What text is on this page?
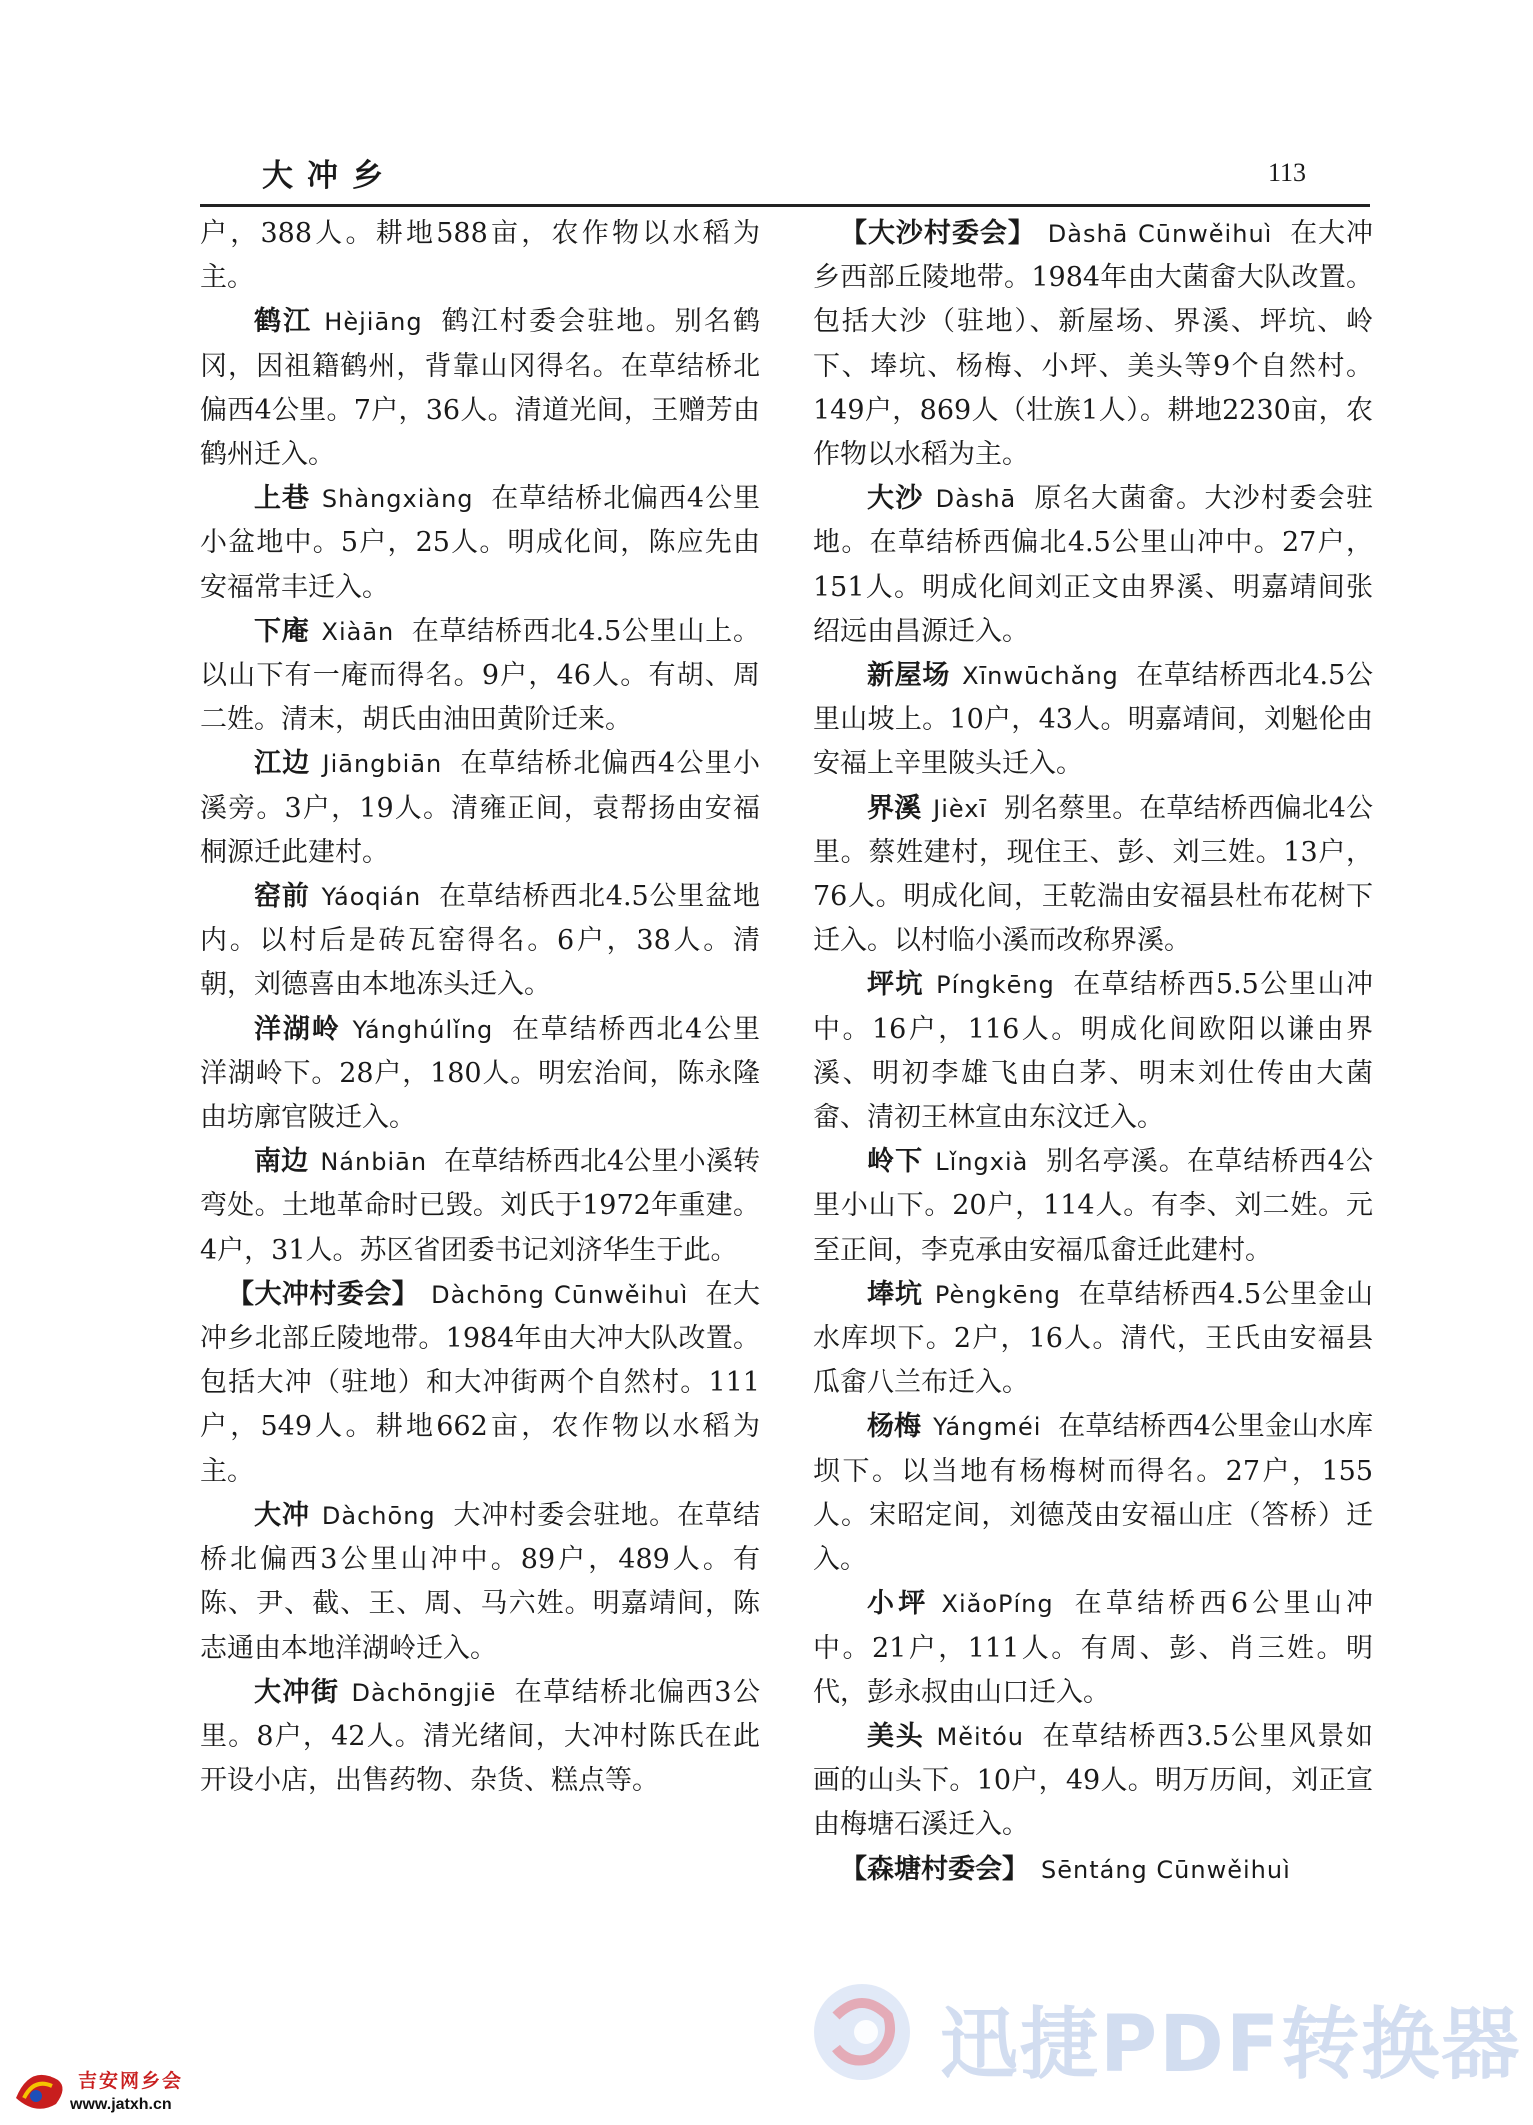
大冲乡	113

户，388人。耕地588亩，农作物以水稻为主。

鹤江 Hèjiāng 鹤江村委会驻地。别名鹤冈，因祖籍鹤州，背靠山冈得名。在草结桥北偏西4公里。7户，36人。清道光间，王赠芳由鹤州迁入。

上巷 Shàngxiàng 在草结桥北偏西4公里小盆地中。5户，25人。明成化间，陈应先由安福常丰迁入。

下庵 Xiàān 在草结桥西北4.5公里山上。以山下有一庵而得名。9户，46人。有胡、周二姓。清末，胡氏由油田黄阶迁来。

江边 Jiāngbiān 在草结桥北偏西4公里小溪旁。3户，19人。清雍正间，袁帮扬由安福桐源迁此建村。

窑前 Yáoqián 在草结桥西北4.5公里盆地内。以村后是砖瓦窑得名。6户，38人。清朝，刘德喜由本地冻头迁入。

洋湖岭 Yánghúlǐng 在草结桥西北4公里洋湖岭下。28户，180人。明宏治间，陈永隆由坊廓官陂迁入。

南边 Nánbiān 在草结桥西北4公里小溪转弯处。土地革命时已毁。刘氏于1972年重建。4户，31人。苏区省团委书记刘济华生于此。

【大冲村委会】 Dàchōng Cūnwěihuì 在大冲乡北部丘陵地带。1984年由大冲大队改置。包括大冲（驻地）和大冲街两个自然村。111户，549人。耕地662亩，农作物以水稻为主。

大冲 Dàchōng 大冲村委会驻地。在草结桥北偏西3公里山冲中。89户，489人。有陈、尹、截、王、周、马六姓。明嘉靖间，陈志通由本地洋湖岭迁入。

大冲街 Dàchōngjiē 在草结桥北偏西3公里。8户，42人。清光绪间，大冲村陈氏在此开设小店，出售药物、杂货、糕点等。

【大沙村委会】 Dàshā Cūnwěihuì 在大冲乡西部丘陵地带。1984年由大菌畲大队改置。包括大沙（驻地）、新屋场、界溪、坪坑、岭下、埲坑、杨梅、小坪、美头等9个自然村。149户，869人（壮族1人）。耕地2230亩，农作物以水稻为主。

大沙 Dàshā 原名大菌畲。大沙村委会驻地。在草结桥西偏北4.5公里山冲中。27户，151人。明成化间刘正文由界溪、明嘉靖间张绍远由昌源迁入。

新屋场 Xīnwūchǎng 在草结桥西北4.5公里山坡上。10户，43人。明嘉靖间，刘魁伦由安福上辛里陂头迁入。

界溪 Jièxī 别名蔡里。在草结桥西偏北4公里。蔡姓建村，现住王、彭、刘三姓。13户，76人。明成化间，王乾湍由安福县杜布花树下迁入。以村临小溪而改称界溪。

坪坑 Píngkēng 在草结桥西5.5公里山冲中。16户，116人。明成化间欧阳以谦由界溪、明初李雄飞由白茅、明末刘仕传由大菌畲、清初王林宣由东汶迁入。

岭下 Lǐngxià 别名亭溪。在草结桥西4公里小山下。20户，114人。有李、刘二姓。元至正间，李克承由安福瓜畲迁此建村。

埲坑 Pèngkēng 在草结桥西4.5公里金山水库坝下。2户，16人。清代，王氏由安福县瓜畲八兰布迁入。

杨梅 Yángméi 在草结桥西4公里金山水库坝下。以当地有杨梅树而得名。27户，155人。宋昭定间，刘德茂由安福山庄（答桥）迁入。

小坪 XiǎoPíng 在草结桥西6公里山冲中。21户，111人。有周、彭、肖三姓。明代，彭永叔由山口迁入。

美头 Měitóu 在草结桥西3.5公里风景如画的山头下。10户，49人。明万历间，刘正宣由梅塘石溪迁入。

【森塘村委会】 Sēntáng Cūnwěihuì

吉安网乡会
www.jatxh.cn
迅捷PDF转换器
